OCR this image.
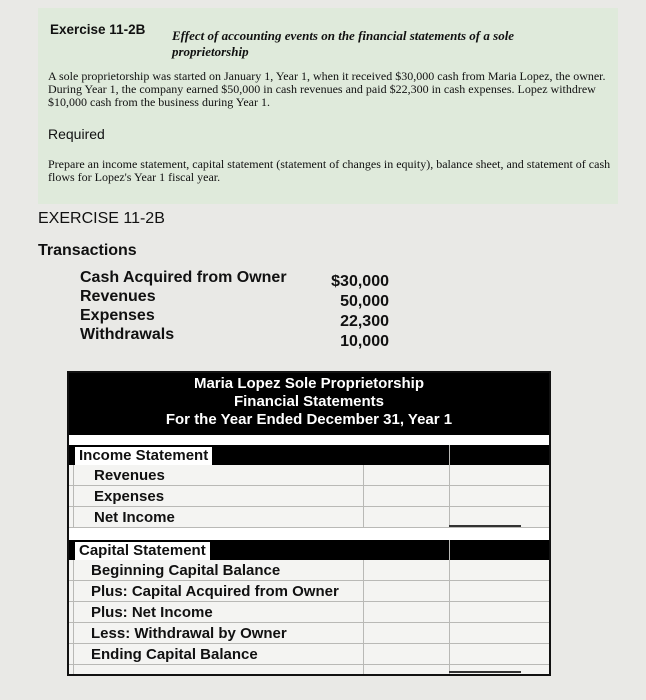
Exercise 11-2B Effect of accounting events on the financial statements of a sole proprietorship
A sole proprietorship was started on January 1, Year 1, when it received $30,000 cash from Maria Lopez, the owner. During Year 1, the company earned $50,000 in cash revenues and paid $22,300 in cash expenses. Lopez withdrew $10,000 cash from the business during Year 1.
Required
Prepare an income statement, capital statement (statement of changes in equity), balance sheet, and statement of cash flows for Lopez's Year 1 fiscal year.
EXERCISE 11-2B
Transactions
Cash Acquired from Owner
Revenues
Expenses
Withdrawals
$30,000
50,000
22,300
10,000
Maria Lopez Sole Proprietorship
Financial Statements
For the Year Ended December 31, Year 1
Income Statement
Revenues
Expenses
Net Income
Capital Statement
Beginning Capital Balance
Plus: Capital Acquired from Owner
Plus: Net Income
Less: Withdrawal by Owner
Ending Capital Balance
